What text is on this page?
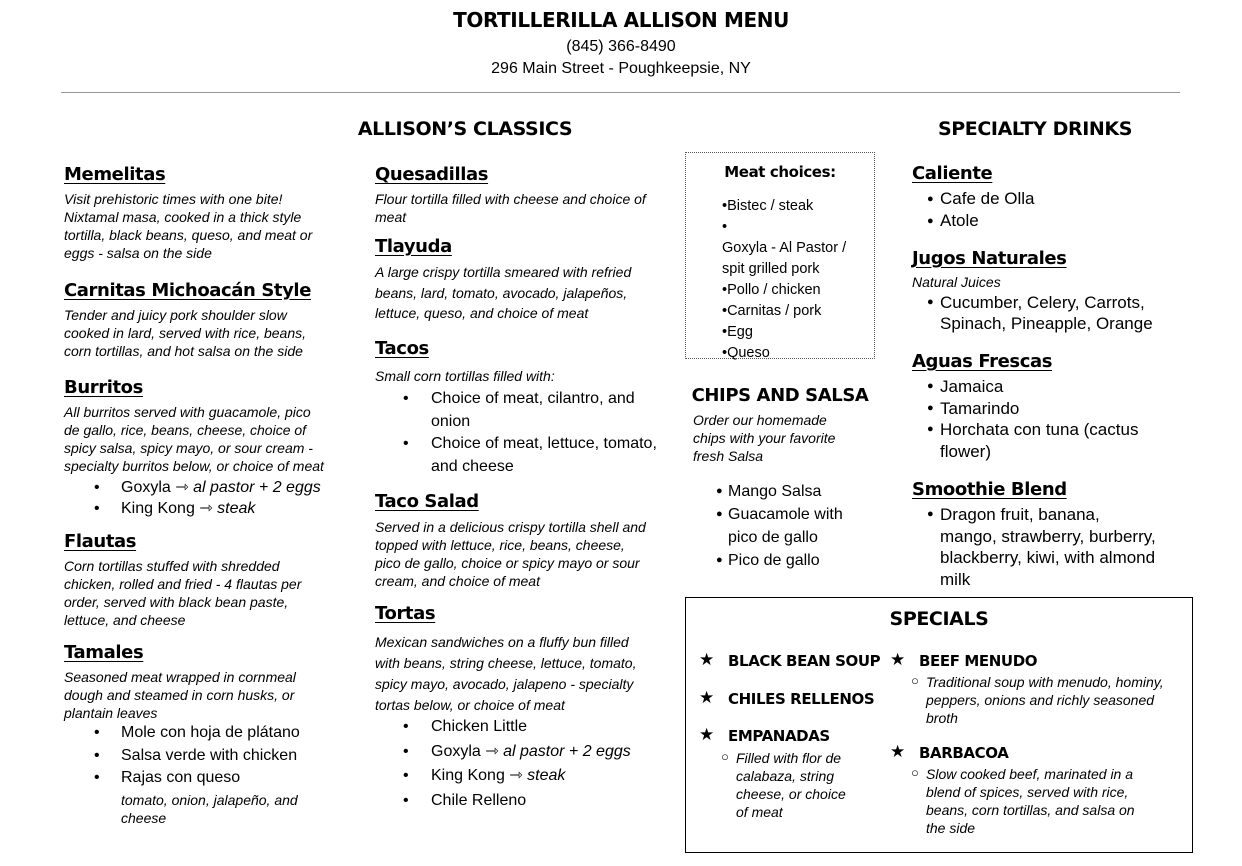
TORTILLERILLA ALLISON MENU
(845) 366-8490
296 Main Street - Poughkeepsie, NY
ALLISON’S CLASSICS	SPECIALTY DRINKS
Memelitas
Visit prehistoric times with one bite!
Nixtamal masa, cooked in a thick style
tortilla, black beans, queso, and meat or
eggs - salsa on the side
Carnitas Michoacán Style
Tender and juicy pork shoulder slow
cooked in lard, served with rice, beans,
corn tortillas, and hot salsa on the side
Burritos
All burritos served with guacamole, pico
de gallo, rice, beans, cheese, choice of
spicy salsa, spicy mayo, or sour cream -
specialty burritos below, or choice of meat
• Goxyla ⇾ al pastor + 2 eggs
• King Kong ⇾ steak
Flautas
Corn tortillas stuffed with shredded
chicken, rolled and fried - 4 flautas per
order, served with black bean paste,
lettuce, and cheese
Tamales
Seasoned meat wrapped in cornmeal
dough and steamed in corn husks, or
plantain leaves
• Mole con hoja de plátano
• Salsa verde with chicken
• Rajas con queso
tomato, onion, jalapeño, and
cheese
Quesadillas
Flour tortilla filled with cheese and choice of
meat
Tlayuda
A large crispy tortilla smeared with refried
beans, lard, tomato, avocado, jalapeños,
lettuce, queso, and choice of meat
Tacos
Small corn tortillas filled with:
• Choice of meat, cilantro, and
onion
• Choice of meat, lettuce, tomato,
and cheese
Taco Salad
Served in a delicious crispy tortilla shell and
topped with lettuce, rice, beans, cheese,
pico de gallo, choice or spicy mayo or sour
cream, and choice of meat
Tortas
Mexican sandwiches on a fluffy bun filled
with beans, string cheese, lettuce, tomato,
spicy mayo, avocado, jalapeno - specialty
tortas below, or choice of meat
• Chicken Little
• Goxyla ⇾ al pastor + 2 eggs
• King Kong ⇾ steak
• Chile Relleno
Meat choices:
•Bistec / steak
•
Goxyla - Al Pastor /
spit grilled pork
•Pollo / chicken
•Carnitas / pork
•Egg
•Queso
CHIPS AND SALSA
Order our homemade
chips with your favorite
fresh Salsa
● Mango Salsa
● Guacamole with
pico de gallo
● Pico de gallo
Caliente
● Cafe de Olla
● Atole
Jugos Naturales
Natural Juices
● Cucumber, Celery, Carrots,
Spinach, Pineapple, Orange
Aguas Frescas
● Jamaica
● Tamarindo
● Horchata con tuna (cactus
flower)
Smoothie Blend
● Dragon fruit, banana,
mango, strawberry, burberry,
blackberry, kiwi, with almond
milk
SPECIALS
★ BLACK BEAN SOUP
★ CHILES RELLENOS
★ EMPANADAS
○ Filled with flor de
calabaza, string
cheese, or choice
of meat
★ BEEF MENUDO
○ Traditional soup with menudo, hominy,
peppers, onions and richly seasoned
broth
★ BARBACOA
○ Slow cooked beef, marinated in a
blend of spices, served with rice,
beans, corn tortillas, and salsa on
the side
